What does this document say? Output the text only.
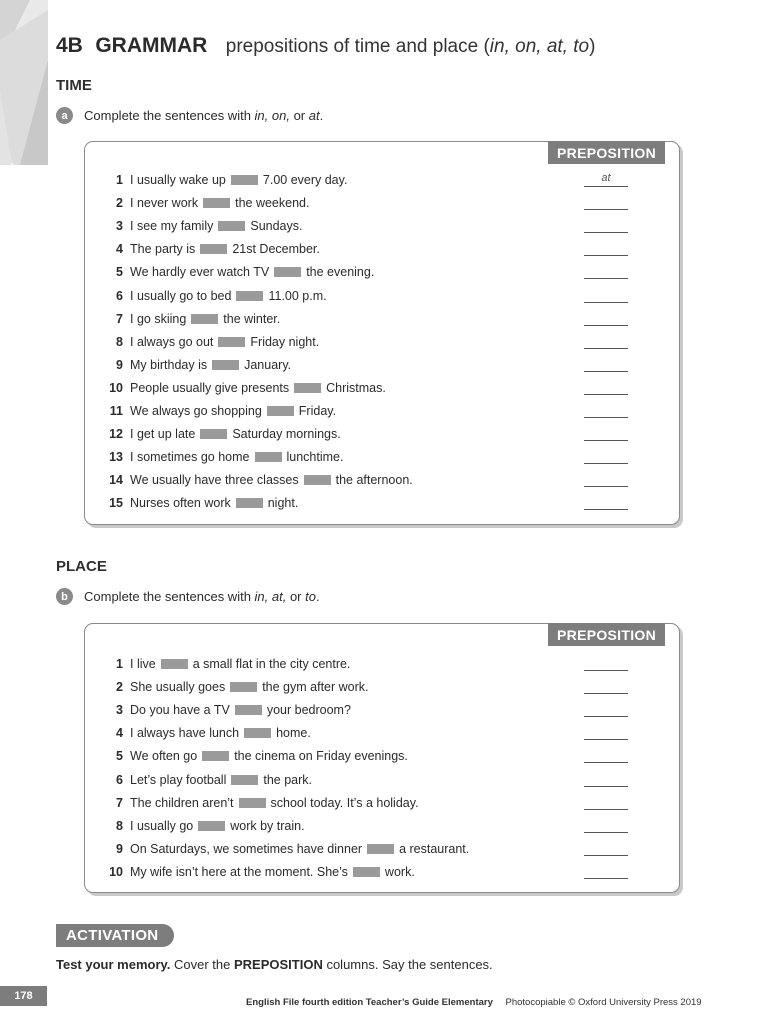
4B GRAMMAR prepositions of time and place (in, on, at, to)
TIME
a	Complete the sentences with in, on, or at.
PREPOSITION
1 I usually wake up	7.00 every day.	at
2 I never work	the weekend.
3 I see my family	Sundays.
4 The party is	21st December.
5 We hardly ever watch TV	the evening.
6 I usually go to bed	11.00 p.m.
7 I go skiing	the winter.
8 I always go out	Friday night.
9 My birthday is	January.
10 People usually give presents	Christmas.
11 We always go shopping	Friday.
12 I get up late	Saturday mornings.
13 I sometimes go home	lunchtime.
14 We usually have three classes	the afternoon.
15 Nurses often work	night.
PLACE
b	Complete the sentences with in, at, or to.
PREPOSITION
1 I live	a small flat in the city centre.
2 She usually goes	the gym after work.
3 Do you have a TV	your bedroom?
4 I always have lunch	home.
5 We often go	the cinema on Friday evenings.
6 Let’s play football	the park.
7 The children aren’t	school today. It’s a holiday.
8 I usually go	work by train.
9 On Saturdays, we sometimes have dinner	a restaurant.
10 My wife isn’t here at the moment. She’s	work.
ACTIVATION
Test your memory. Cover the PREPOSITION columns. Say the sentences.
178
English File fourth edition Teacher’s Guide Elementary Photocopiable © Oxford University Press 2019
